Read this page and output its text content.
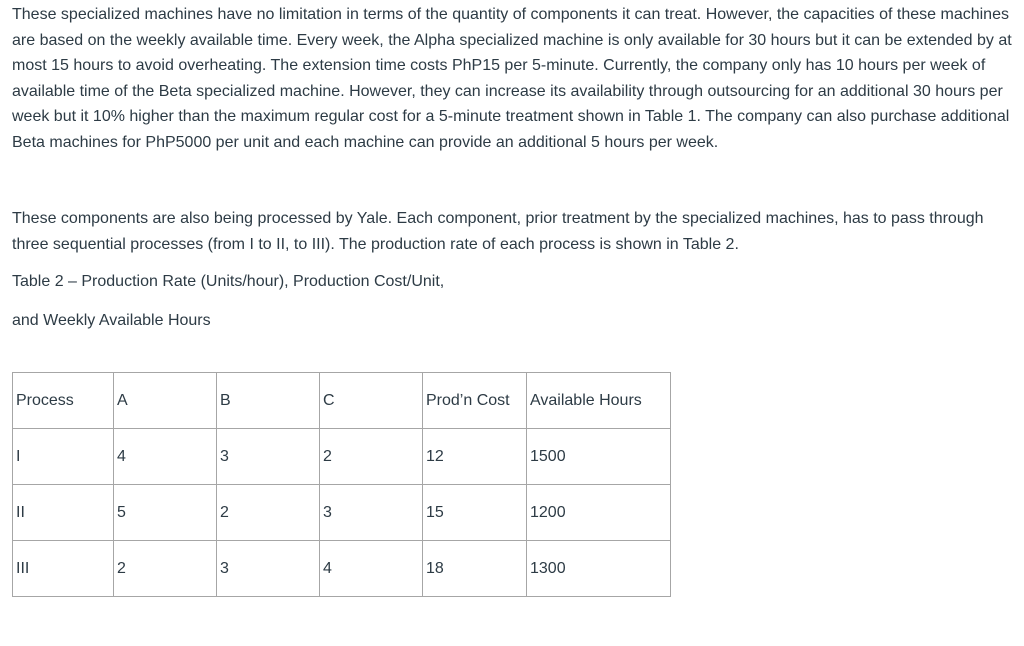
These specialized machines have no limitation in terms of the quantity of components it can treat. However, the capacities of these machines are based on the weekly available time. Every week, the Alpha specialized machine is only available for 30 hours but it can be extended by at most 15 hours to avoid overheating. The extension time costs PhP15 per 5-minute. Currently, the company only has 10 hours per week of available time of the Beta specialized machine. However, they can increase its availability through outsourcing for an additional 30 hours per week but it 10% higher than the maximum regular cost for a 5-minute treatment shown in Table 1. The company can also purchase additional Beta machines for PhP5000 per unit and each machine can provide an additional 5 hours per week.

These components are also being processed by Yale. Each component, prior treatment by the specialized machines, has to pass through three sequential processes (from I to II, to III). The production rate of each process is shown in Table 2.

Table 2 – Production Rate (Units/hour), Production Cost/Unit,

and Weekly Available Hours

Process	A	B	C	Prod’n Cost	Available Hours
I	4	3	2	12	1500
II	5	2	3	15	1200
III	2	3	4	18	1300
